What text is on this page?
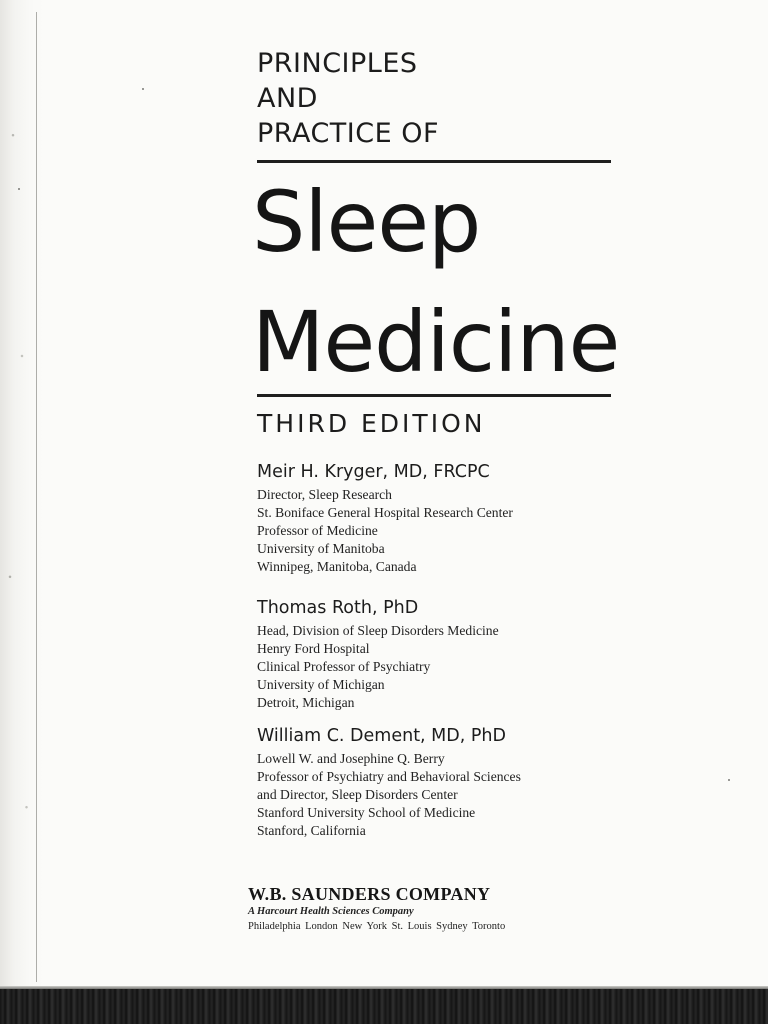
PRINCIPLES
AND
PRACTICE OF
Sleep
Medicine
THIRD EDITION
Meir H. Kryger, MD, FRCPC
Director, Sleep Research
St. Boniface General Hospital Research Center
Professor of Medicine
University of Manitoba
Winnipeg, Manitoba, Canada
Thomas Roth, PhD
Head, Division of Sleep Disorders Medicine
Henry Ford Hospital
Clinical Professor of Psychiatry
University of Michigan
Detroit, Michigan
William C. Dement, MD, PhD
Lowell W. and Josephine Q. Berry
Professor of Psychiatry and Behavioral Sciences
and Director, Sleep Disorders Center
Stanford University School of Medicine
Stanford, California
W.B. SAUNDERS COMPANY
A Harcourt Health Sciences Company
Philadelphia London New York St. Louis Sydney Toronto
